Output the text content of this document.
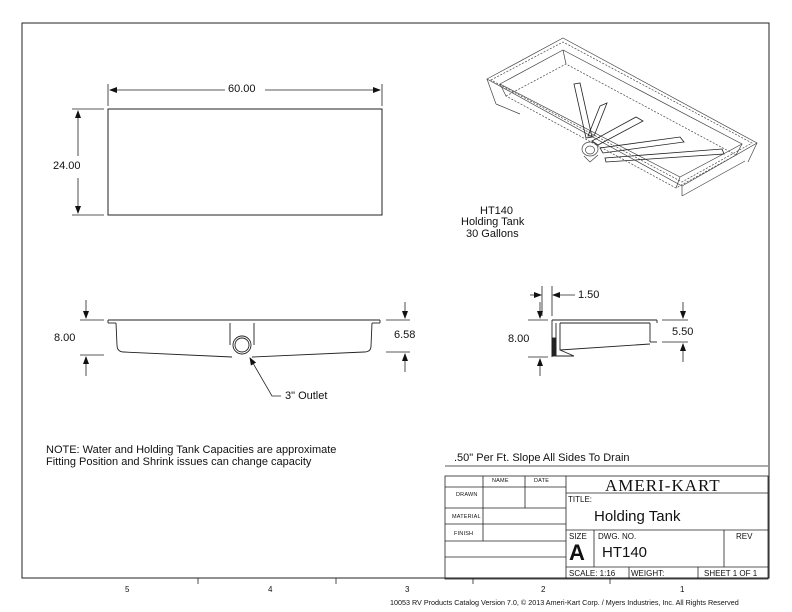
60.00
24.00
HT140
Holding Tank
30 Gallons
8.00	6.58
3" Outlet
1.50
8.00
5.50
NOTE: Water and Holding Tank Capacities are approximate
Fitting Position and Shrink issues can change capacity	.50" Per Ft. Slope All Sides To Drain
NAME	DATE
DRAWN
MATERIAL
FINISH
AMERI-KART
TITLE:
Holding Tank
SIZE
A
DWG. NO.
HT140
REV
SCALE: 1:16 WEIGHT:	SHEET 1 OF 1
5	4	3	2	1
10053 RV Products Catalog Version 7.0, © 2013 Ameri-Kart Corp. / Myers Industries, Inc. All Rights Reserved
